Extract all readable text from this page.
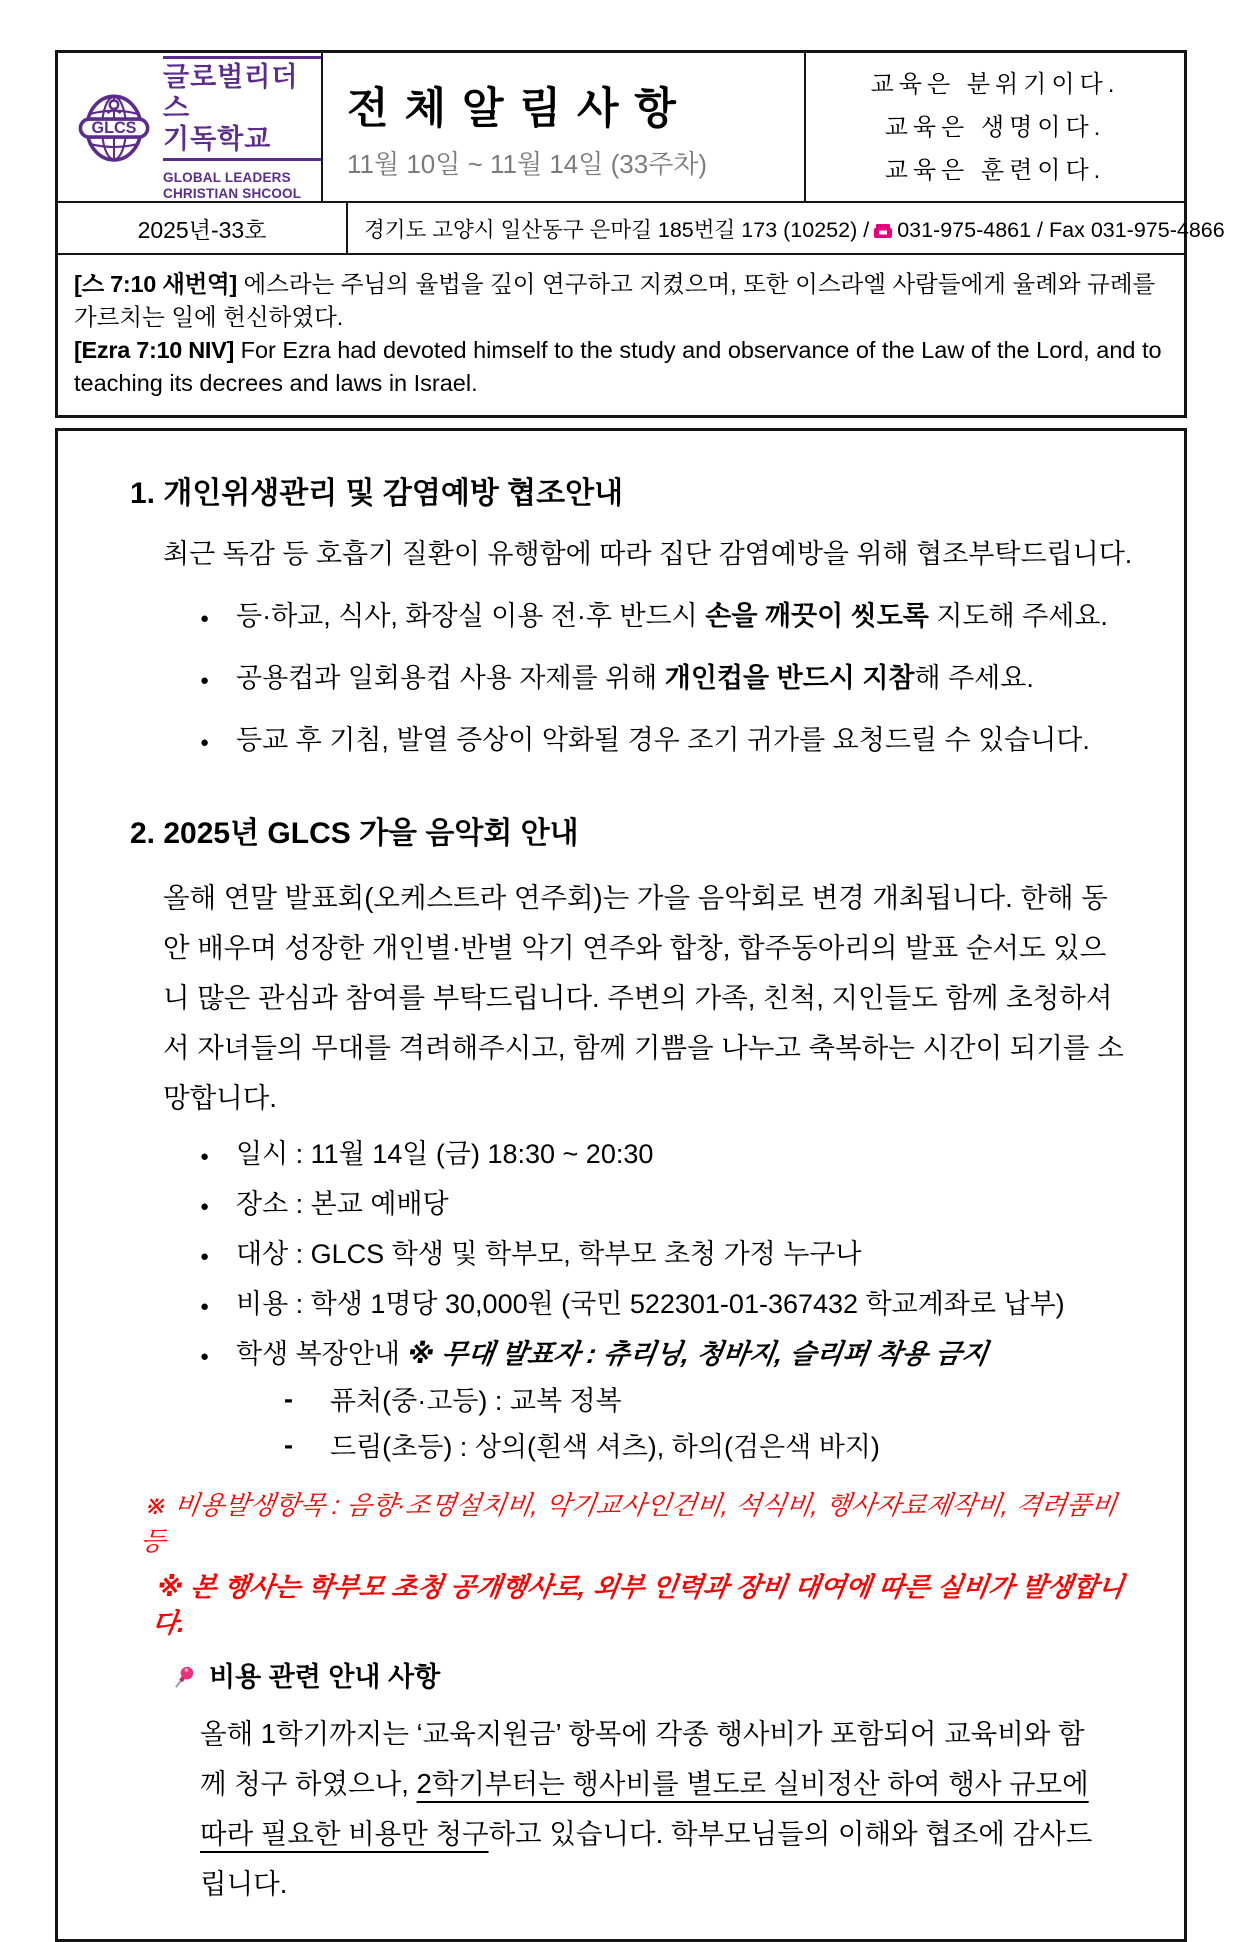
GLCS
글로벌리더스
기독학교
GLOBAL LEADERS
CHRISTIAN SHCOOL
전 체 알 림 사 항
11월 10일 ~ 11월 14일 (33주차)
교육은 분위기이다.
교육은 생명이다.
교육은 훈련이다.
2025년-33호	경기도 고양시 일산동구 은마길 185번길 173 (10252) / 031-975-4861 / Fax 031-975-4866
[스 7:10 새번역] 에스라는 주님의 율법을 깊이 연구하고 지켰으며, 또한 이스라엘 사람들에게 율례와 규례를 가르치는 일에 헌신하였다.
[Ezra 7:10 NIV] For Ezra had devoted himself to the study and observance of the Law of the Lord, and to teaching its decrees and laws in Israel.
1. 개인위생관리 및 감염예방 협조안내
최근 독감 등 호흡기 질환이 유행함에 따라 집단 감염예방을 위해 협조부탁드립니다.
● 등·하교, 식사, 화장실 이용 전·후 반드시 손을 깨끗이 씻도록 지도해 주세요.
● 공용컵과 일회용컵 사용 자제를 위해 개인컵을 반드시 지참해 주세요.
● 등교 후 기침, 발열 증상이 악화될 경우 조기 귀가를 요청드릴 수 있습니다.
2. 2025년 GLCS 가을 음악회 안내
올해 연말 발표회(오케스트라 연주회)는 가을 음악회로 변경 개최됩니다. 한해 동안 배우며 성장한 개인별·반별 악기 연주와 합창, 합주동아리의 발표 순서도 있으니 많은 관심과 참여를 부탁드립니다. 주변의 가족, 친척, 지인들도 함께 초청하셔서 자녀들의 무대를 격려해주시고, 함께 기쁨을 나누고 축복하는 시간이 되기를 소망합니다.
● 일시 : 11월 14일 (금) 18:30 ~ 20:30
● 장소 : 본교 예배당
● 대상 : GLCS 학생 및 학부모, 학부모 초청 가정 누구나
● 비용 : 학생 1명당 30,000원 (국민 522301-01-367432 학교계좌로 납부)
● 학생 복장안내 ※ 무대 발표자 : 츄리닝, 청바지, 슬리퍼 착용 금지
- 퓨처(중·고등) : 교복 정복
- 드림(초등) : 상의(흰색 셔츠), 하의(검은색 바지)
※ 비용발생항목 : 음향·조명설치비, 악기교사인건비, 석식비, 행사자료제작비, 격려품비 등
※ 본 행사는 학부모 초청 공개행사로, 외부 인력과 장비 대여에 따른 실비가 발생합니다.
비용 관련 안내 사항
올해 1학기까지는 ‘교육지원금’ 항목에 각종 행사비가 포함되어 교육비와 함께 청구 하였으나, 2학기부터는 행사비를 별도로 실비정산 하여 행사 규모에 따라 필요한 비용만 청구하고 있습니다. 학부모님들의 이해와 협조에 감사드립니다.
